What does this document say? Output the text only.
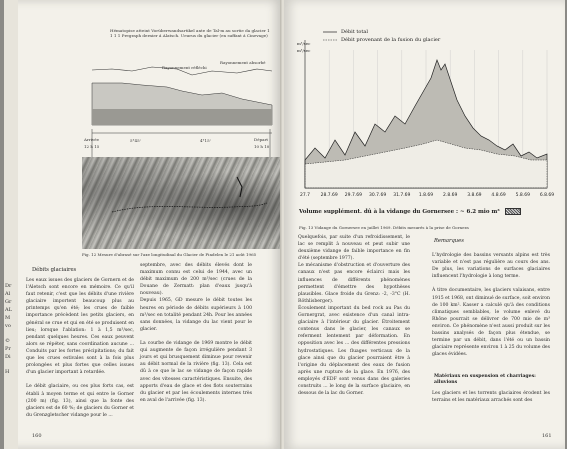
Dr
Al
Gr
AL
M
vo
©
Pr
Di
H
Hématopise atteint Vorüberwandsartikel ante de Tal-m au sortie da glacier 1 1 1 1 Pregraph dernier á Alatsch. Ueurus du glacier (en suffant á Cinevage)
Rayonnement réfléchi
Rayonnement absorbé
Arrivée
12 h 15
5°45'	4°15'	Départ
10 h 10
Fig. 12 Mesure d'abrasé sur l'axe longitudinal du Glacier de Findelen le 21 août 1965
Débits glaciaires
Les eaux issues des glaciers de Gornern et de l'Aletsch sont encore en mémoire. Ce qu'il faut retenir, c'est que les débits d'une rivière glaciaire importent beaucoup plus au printemps qu'en été; les crues de faible importance précèdent les petits glaciers, en général se crue et qui en été se produisent en lieu; lorsque l'ablation: 1 à 1,5 m³/sec, pendant quelques heures. Ces eaux peuvent alors se répéter, sans coordination aucune ... Conduits par les fortes précipitations; du fait que les crues estivales sont à la fois plus prolongées et plus fortes que celles issues d'un glacier important à retardée.

Le débit glaciaire, ou ces plus forts cas, est établi à moyen terme et qui entre le Gorner (200 m) (fig. 13), ainsi que la fonte des glaciers est de 60 %; de glaciers du Gorner et du Grenzgletscher vidange pour le ...
septembre, avec des débits élevés dont le maximum connu est celui de 1944, avec un débit maximum de 200 m³/sec (crues de la Douane de Zermatt: plan d'eaux jusqu'à nouveau).
Depuis 1965, GD mesure le débit toutes les heures en période de débits supérieurs à 100 m³/sec en totalité pendant 24h. Pour les années sans données, la vidange du lac vient pour le glacier.

La courbe de vidange de 1969 montre le débit qui augmente de façon irrégulière pendant 3 jours et qui brusquement diminue pour revenir au débit normal de la rivière (fig. 13). Cela est dû à ce que le lac se vidange de façon rapide avec des vitesses caractéristiques. Ensuite, des apports d'eau de glace et des flots souterrains du glacier et par les écoulements internes très en aval de l'arrivée (fig. 13).
160
27.7 28.7.69 29.7.69 30.7.69 31.7.69 1.8.69 2.8.69 3.8.69 4.8.69 5.8.69 6.8.69
Débit total
Débit provenant de la fusion du glacier
m³/sec
m³/sec
Volume supplément. dû à la vidange du Gornersee : ~ 6.2 mio m³
Fig. 13 Vidange du Gornersee en juillet 1969. Débits mesurés à la prise de Gornera
Quelquefois, par suite d'un refroidissement, le lac se remplit à nouveau et peut subir une deuxième vidange de faible importance en fin d'été (septembre 1977).
Le mécanisme d'obstruction et d'ouverture des canaux n'est pas encore éclairci mais les influences de différents phénomènes permettent d'émettre des hypothèses plausibles. Glace froide du Grenz: -2, -3°C (H. Röthlisberger).
Écoulement important du bed rock au Pas du Gornergrat, avec existence d'un canal intra-glaciaire à l'intérieur du glacier. Étroitement contenus dans le glacier, les canaux se referment lentement par déformation. En opposition avec les ... des différentes pressions hydrostatiques. Les fluages verticaux de la glace ainsi que du glacier pourraient être à l'origine du déplacement des eaux de fusion après une rupture de la glace. En 1976, des employés d'EDF sont venus dans des galeries construits ... le long de la surface glaciaire, en dessous de la lac du Gorner.
Remarques
L'hydrologie des bassins versants alpins est très variable et n'est pas régulière au cours des ans. De plus, les variations de surfaces glaciaires influencent l'hydrologie à long terme.

À titre documentaire, les glaciers valaisans, entre 1915 et 1968, ont diminué de surface, soit environ de 100 km². Kasser a calculé qu'à des conditions climatiques semblables, le volume enlevé du Rhône pourrait se délivrer de 700 mio de m³ environ. Ce phénomène n'est aussi produit sur les bassins analysés de façon plus étendue, se termine par un débit, dans l'été ou un bassin glaciaire représente environ 1 à 25 du volume des glaces évidées.
Matériaux en suspension et charriages: alluvions
Les glaciers et les torrents glaciaires érodent les terrains et les matériaux arrachés sont des
161
